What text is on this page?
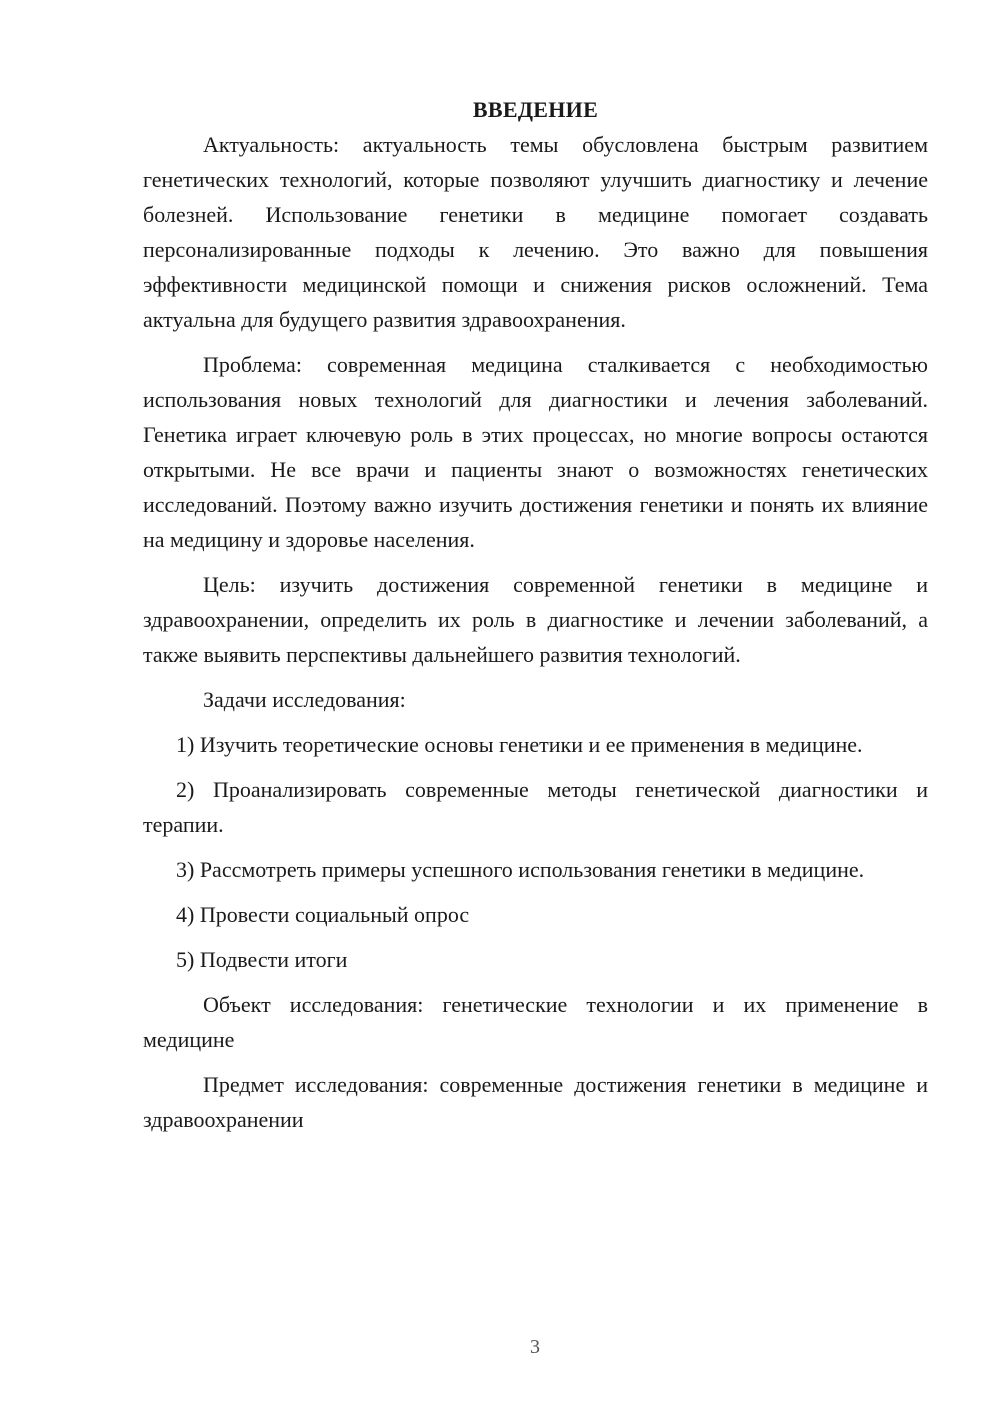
ВВЕДЕНИЕ

Актуальность: актуальность темы обусловлена быстрым развитием генетических технологий, которые позволяют улучшить диагностику и лечение болезней. Использование генетики в медицине помогает создавать персонализированные подходы к лечению. Это важно для повышения эффективности медицинской помощи и снижения рисков осложнений. Тема актуальна для будущего развития здравоохранения.

Проблема: современная медицина сталкивается с необходимостью использования новых технологий для диагностики и лечения заболеваний. Генетика играет ключевую роль в этих процессах, но многие вопросы остаются открытыми. Не все врачи и пациенты знают о возможностях генетических исследований. Поэтому важно изучить достижения генетики и понять их влияние на медицину и здоровье населения.

Цель: изучить достижения современной генетики в медицине и здравоохранении, определить их роль в диагностике и лечении заболеваний, а также выявить перспективы дальнейшего развития технологий.

Задачи исследования:

1) Изучить теоретические основы генетики и ее применения в медицине.

2) Проанализировать современные методы генетической диагностики и терапии.

3) Рассмотреть примеры успешного использования генетики в медицине.

4) Провести социальный опрос

5) Подвести итоги

Объект исследования: генетические технологии и их применение в медицине

Предмет исследования: современные достижения генетики в медицине и здравоохранении

3
